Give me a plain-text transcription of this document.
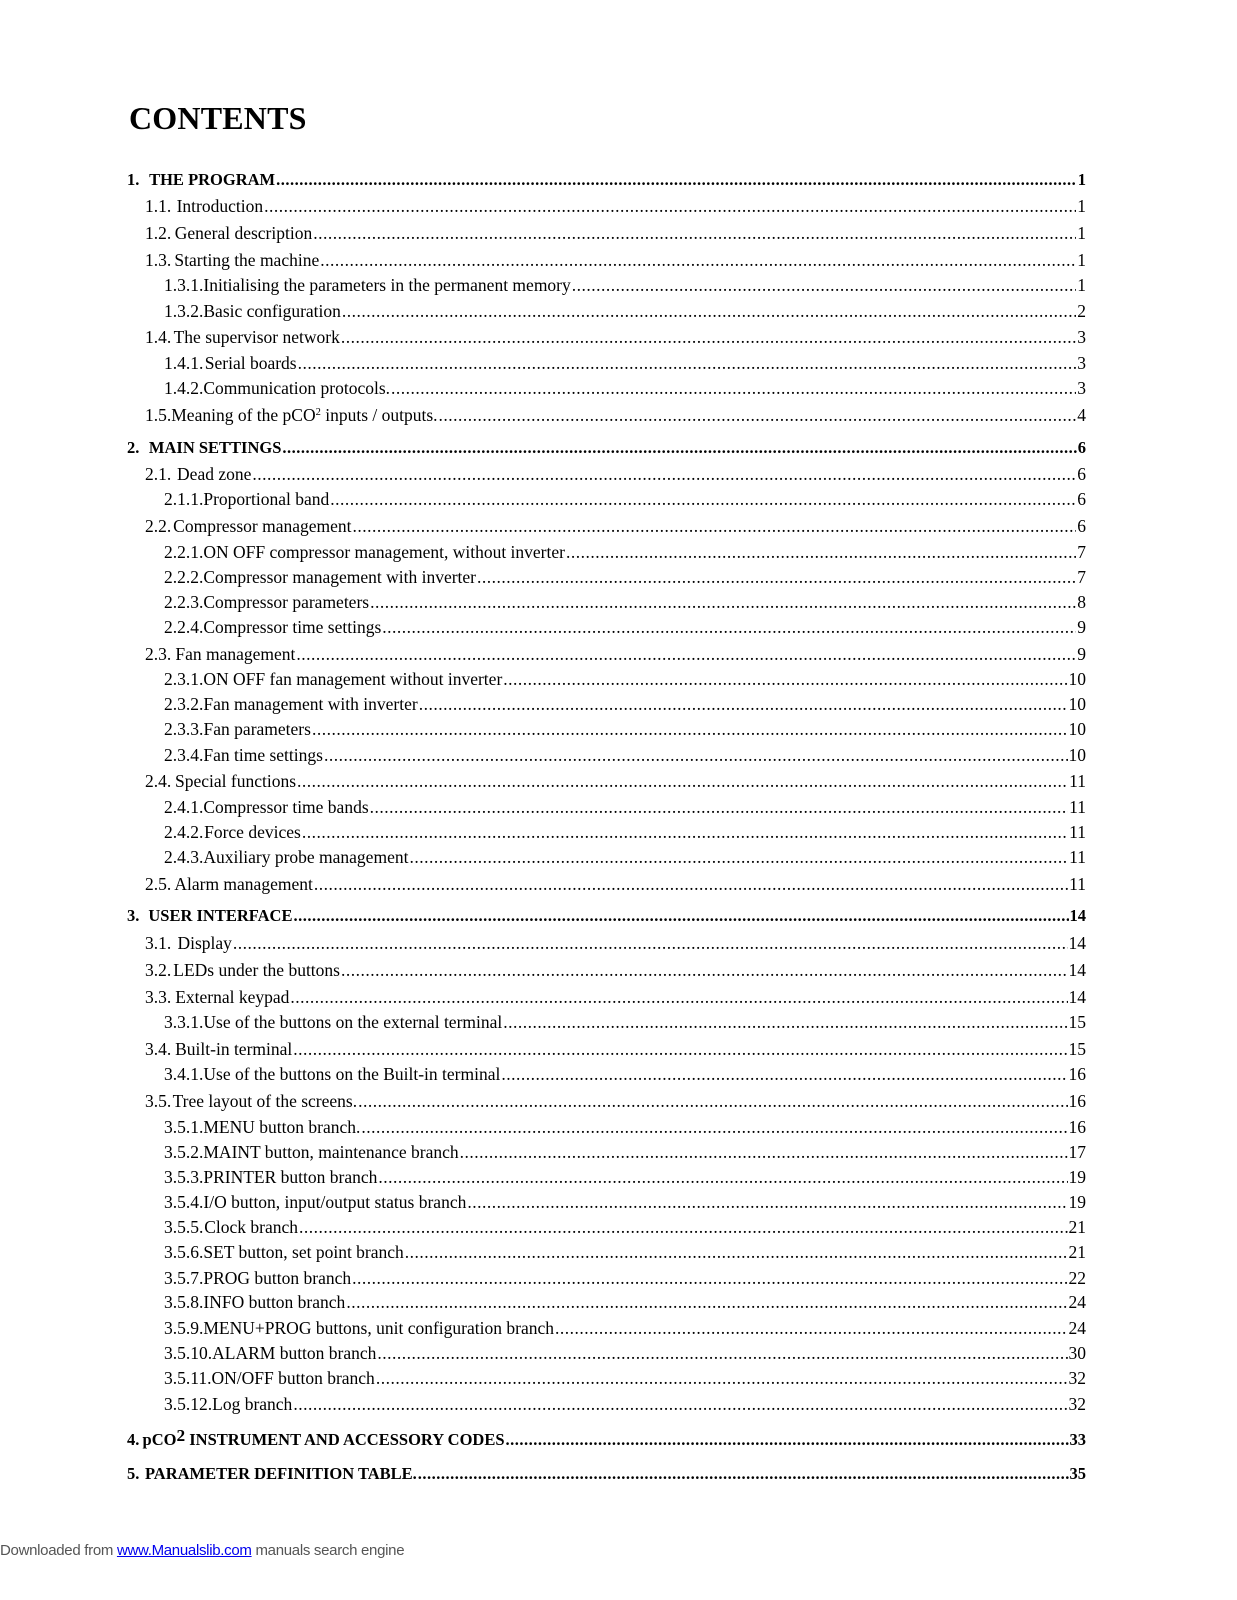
CONTENTS
1. THE PROGRAM .....	1
1.1. Introduction .....	1
1.2. General description .....	1
1.3. Starting the machine .....	1
1.3.1. Initialising the parameters in the permanent memory .....	1
1.3.2. Basic configuration .....	2
1.4. The supervisor network .....	3
1.4.1. Serial boards .....	3
1.4.2. Communication protocols. .....	3
1.5. Meaning of the pCO$^2$ inputs / outputs. .....	4
2. MAIN SETTINGS .....	6
2.1. Dead zone .....	6
2.1.1. Proportional band .....	6
2.2. Compressor management .....	6
2.2.1. ON OFF compressor management, without inverter .....	7
2.2.2. Compressor management with inverter .....	7
2.2.3. Compressor parameters .....	8
2.2.4. Compressor time settings .....	9
2.3. Fan management .....	9
2.3.1. ON OFF fan management without inverter .....	10
2.3.2. Fan management with inverter .....	10
2.3.3. Fan parameters .....	10
2.3.4. Fan time settings .....	10
2.4. Special functions .....	11
2.4.1. Compressor time bands .....	11
2.4.2. Force devices .....	11
2.4.3. Auxiliary probe management .....	11
2.5. Alarm management .....	11
3. USER INTERFACE .....	14
3.1. Display .....	14
3.2. LEDs under the buttons .....	14
3.3. External keypad .....	14
3.3.1. Use of the buttons on the external terminal .....	15
3.4. Built-in terminal .....	15
3.4.1. Use of the buttons on the Built-in terminal .....	16
3.5. Tree layout of the screens. .....	16
3.5.1. MENU button branch. .....	16
3.5.2. MAINT button, maintenance branch .....	17
3.5.3. PRINTER button branch .....	19
3.5.4. I/O button, input/output status branch .....	19
3.5.5. Clock branch .....	21
3.5.6. SET button, set point branch .....	21
3.5.7. PROG button branch .....	22
3.5.8. INFO button branch .....	24
3.5.9. MENU+PROG buttons, unit configuration branch .....	24
3.5.10. ALARM button branch .....	30
3.5.11. ON/OFF button branch .....	32
3.5.12. Log branch .....	32
4. pCO$^2$ INSTRUMENT AND ACCESSORY CODES .....	33
5. PARAMETER DEFINITION TABLE. .....	35
Downloaded from www.Manualslib.com manuals search engine
